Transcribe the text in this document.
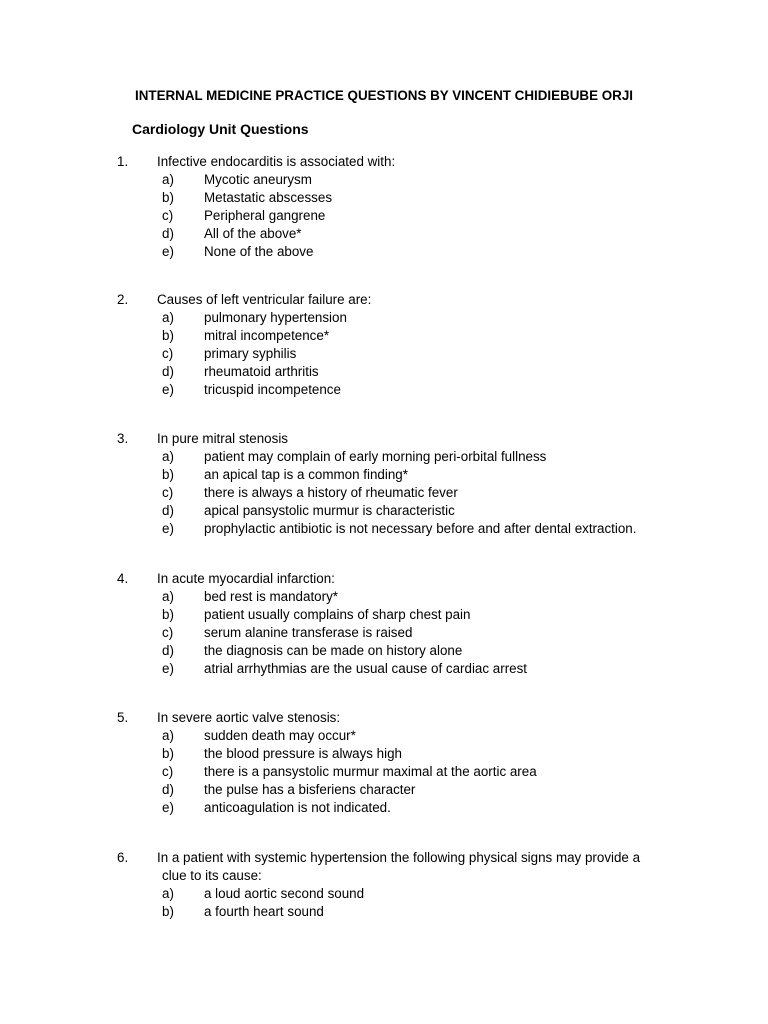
INTERNAL MEDICINE PRACTICE QUESTIONS BY VINCENT CHIDIEBUBE ORJI
Cardiology Unit Questions
1. Infective endocarditis is associated with:
a) Mycotic aneurysm
b) Metastatic abscesses
c) Peripheral gangrene
d) All of the above*
e) None of the above
2. Causes of left ventricular failure are:
a) pulmonary hypertension
b) mitral incompetence*
c) primary syphilis
d) rheumatoid arthritis
e) tricuspid incompetence
3. In pure mitral stenosis
a) patient may complain of early morning peri-orbital fullness
b) an apical tap is a common finding*
c) there is always a history of rheumatic fever
d) apical pansystolic murmur is characteristic
e) prophylactic antibiotic is not necessary before and after dental extraction.
4. In acute myocardial infarction:
a) bed rest is mandatory*
b) patient usually complains of sharp chest pain
c) serum alanine transferase is raised
d) the diagnosis can be made on history alone
e) atrial arrhythmias are the usual cause of cardiac arrest
5. In severe aortic valve stenosis:
a) sudden death may occur*
b) the blood pressure is always high
c) there is a pansystolic murmur maximal at the aortic area
d) the pulse has a bisferiens character
e) anticoagulation is not indicated.
6. In a patient with systemic hypertension the following physical signs may provide a
clue to its cause:
a) a loud aortic second sound
b) a fourth heart sound
